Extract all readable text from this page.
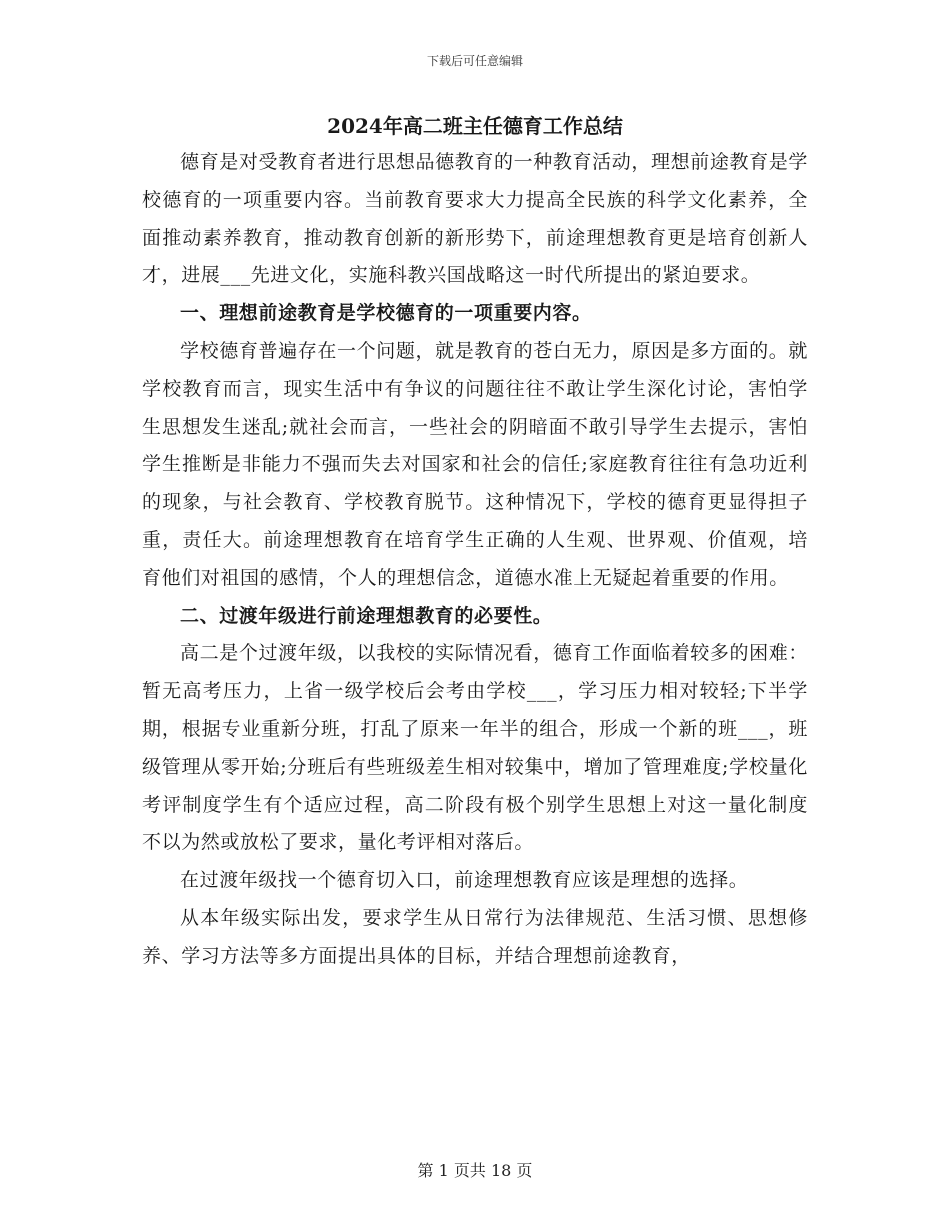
下载后可任意编辑
2024年高二班主任德育工作总结

德育是对受教育者进行思想品德教育的一种教育活动，理想前途教育是学校德育的一项重要内容。当前教育要求大力提高全民族的科学文化素养，全面推动素养教育，推动教育创新的新形势下，前途理想教育更是培育创新人才，进展___先进文化，实施科教兴国战略这一时代所提出的紧迫要求。

一、理想前途教育是学校德育的一项重要内容。

学校德育普遍存在一个问题，就是教育的苍白无力，原因是多方面的。就学校教育而言，现实生活中有争议的问题往往不敢让学生深化讨论，害怕学生思想发生迷乱;就社会而言，一些社会的阴暗面不敢引导学生去提示，害怕学生推断是非能力不强而失去对国家和社会的信任;家庭教育往往有急功近利的现象，与社会教育、学校教育脱节。这种情况下，学校的德育更显得担子重，责任大。前途理想教育在培育学生正确的人生观、世界观、价值观，培育他们对祖国的感情，个人的理想信念，道德水准上无疑起着重要的作用。

二、过渡年级进行前途理想教育的必要性。

高二是个过渡年级，以我校的实际情况看，德育工作面临着较多的困难：暂无高考压力，上省一级学校后会考由学校___，学习压力相对较轻;下半学期，根据专业重新分班，打乱了原来一年半的组合，形成一个新的班___，班级管理从零开始;分班后有些班级差生相对较集中，增加了管理难度;学校量化考评制度学生有个适应过程，高二阶段有极个别学生思想上对这一量化制度不以为然或放松了要求，量化考评相对落后。

在过渡年级找一个德育切入口，前途理想教育应该是理想的选择。

从本年级实际出发，要求学生从日常行为法律规范、生活习惯、思想修养、学习方法等多方面提出具体的目标，并结合理想前途教育，

第 1 页共 18 页
